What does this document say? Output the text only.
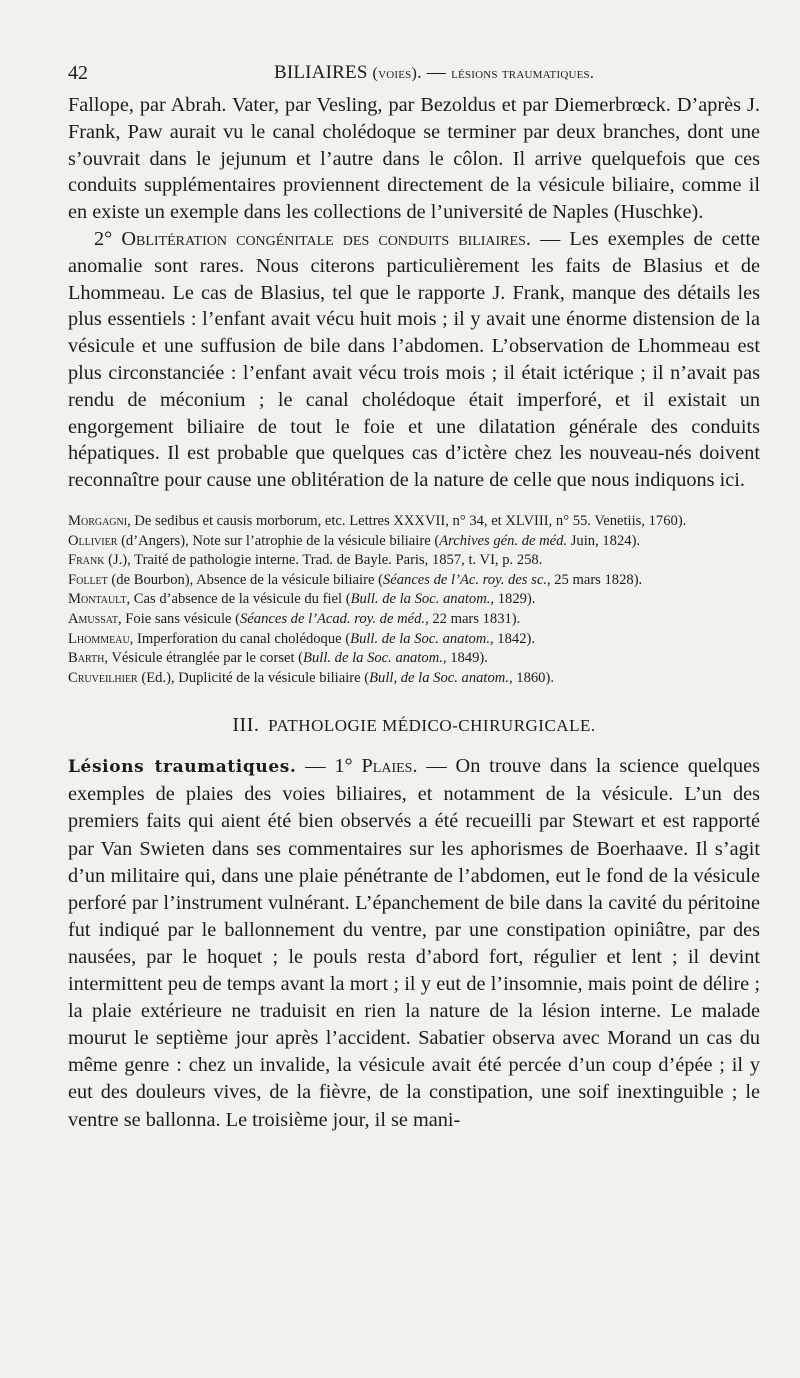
42	BILIAIRES (voies). — lésions traumatiques.

Fallope, par Abrah. Vater, par Vesling, par Bezoldus et par Diemerbrœck. D’après J. Frank, Paw aurait vu le canal cholédoque se terminer par deux branches, dont une s’ouvrait dans le jejunum et l’autre dans le côlon. Il arrive quelquefois que ces conduits supplémentaires proviennent directement de la vésicule biliaire, comme il en existe un exemple dans les collections de l’université de Naples (Huschke).

2° Oblitération congénitale des conduits biliaires. — Les exemples de cette anomalie sont rares. Nous citerons particulièrement les faits de Blasius et de Lhommeau. Le cas de Blasius, tel que le rapporte J. Frank, manque des détails les plus essentiels : l’enfant avait vécu huit mois ; il y avait une énorme distension de la vésicule et une suffusion de bile dans l’abdomen. L’observation de Lhommeau est plus circonstanciée : l’enfant avait vécu trois mois ; il était ictérique ; il n’avait pas rendu de méconium ; le canal cholédoque était imperforé, et il existait un engorgement biliaire de tout le foie et une dilatation générale des conduits hépatiques. Il est probable que quelques cas d’ictère chez les nouveau-nés doivent reconnaître pour cause une oblitération de la nature de celle que nous indiquons ici.

Morgagni, De sedibus et causis morborum, etc. Lettres XXXVII, n° 34, et XLVIII, n° 55. Venetiis, 1760).
Ollivier (d’Angers), Note sur l’atrophie de la vésicule biliaire (Archives gén. de méd. Juin, 1824).
Frank (J.), Traité de pathologie interne. Trad. de Bayle. Paris, 1857, t. VI, p. 258.
Follet (de Bourbon), Absence de la vésicule biliaire (Séances de l’Ac. roy. des sc., 25 mars 1828).
Montault, Cas d’absence de la vésicule du fiel (Bull. de la Soc. anatom., 1829).
Amussat, Foie sans vésicule (Séances de l’Acad. roy. de méd., 22 mars 1831).
Lhommeau, Imperforation du canal cholédoque (Bull. de la Soc. anatom., 1842).
Barth, Vésicule étranglée par le corset (Bull. de la Soc. anatom., 1849).
Cruveilhier (Ed.), Duplicité de la vésicule biliaire (Bull, de la Soc. anatom., 1860).
III. PATHOLOGIE MÉDICO-CHIRURGICALE.

Lésions traumatiques. — 1° Plaies. — On trouve dans la science quelques exemples de plaies des voies biliaires, et notamment de la vésicule. L’un des premiers faits qui aient été bien observés a été recueilli par Stewart et est rapporté par Van Swieten dans ses commentaires sur les aphorismes de Boerhaave. Il s’agit d’un militaire qui, dans une plaie pénétrante de l’abdomen, eut le fond de la vésicule perforé par l’instrument vulnérant. L’épanchement de bile dans la cavité du péritoine fut indiqué par le ballonnement du ventre, par une constipation opiniâtre, par des nausées, par le hoquet ; le pouls resta d’abord fort, régulier et lent ; il devint intermittent peu de temps avant la mort ; il y eut de l’insomnie, mais point de délire ; la plaie extérieure ne traduisit en rien la nature de la lésion interne. Le malade mourut le septième jour après l’accident. Sabatier observa avec Morand un cas du même genre : chez un invalide, la vésicule avait été percée d’un coup d’épée ; il y eut des douleurs vives, de la fièvre, de la constipation, une soif inextinguible ; le ventre se ballonna. Le troisième jour, il se mani-
